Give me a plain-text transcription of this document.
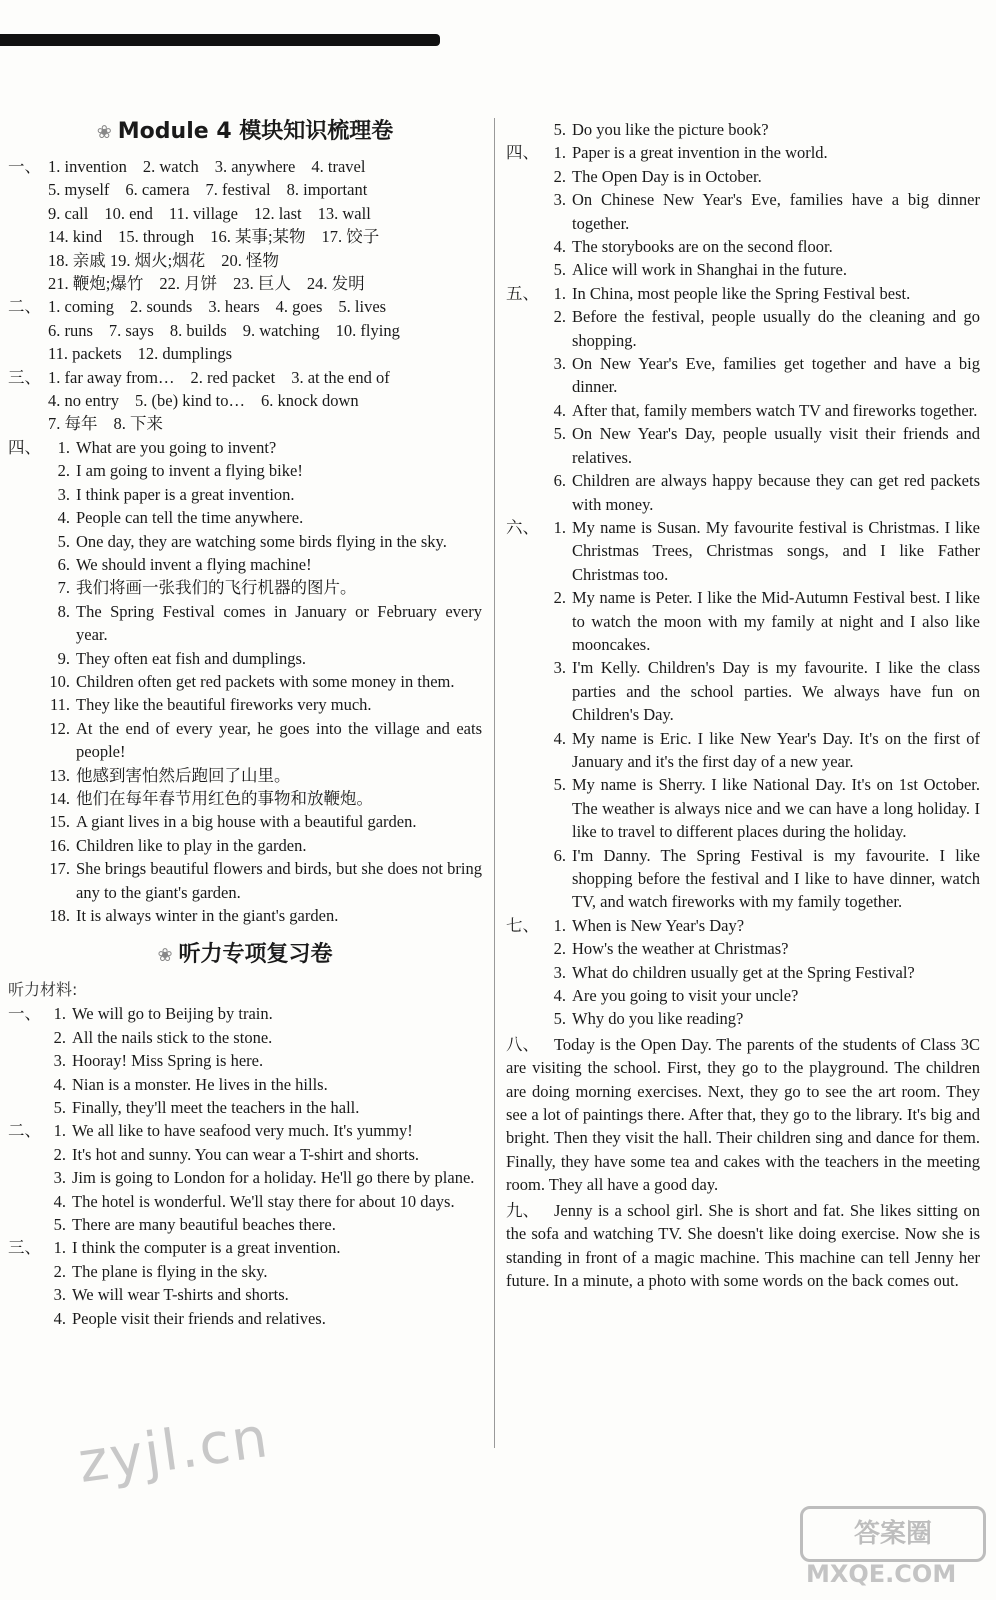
❀ Module 4 模块知识梳理卷
一、 1. invention 2. watch 3. anywhere 4. travel
5. myself 6. camera 7. festival 8. important
9. call 10. end 11. village 12. last 13. wall
14. kind 15. through 16. 某事;某物 17. 饺子
18. 亲戚 19. 烟火;烟花 20. 怪物
21. 鞭炮;爆竹 22. 月饼 23. 巨人 24. 发明
二、 1. coming 2. sounds 3. hears 4. goes 5. lives
6. runs 7. says 8. builds 9. watching 10. flying
11. packets 12. dumplings
三、 1. far away from… 2. red packet 3. at the end of
4. no entry 5. (be) kind to… 6. knock down
7. 每年 8. 下来
四、	1. What are you going to invent?
2. I am going to invent a flying bike!
3. I think paper is a great invention.
4. People can tell the time anywhere.
5. One day, they are watching some birds flying in the sky.
6. We should invent a flying machine!
7. 我们将画一张我们的飞行机器的图片。
8. The Spring Festival comes in January or February every year.
9. They often eat fish and dumplings.
10. Children often get red packets with some money in them.
11. They like the beautiful fireworks very much.
12. At the end of every year, he goes into the village and eats people!
13. 他感到害怕然后跑回了山里。
14. 他们在每年春节用红色的事物和放鞭炮。
15. A giant lives in a big house with a beautiful garden.
16. Children like to play in the garden.
17. She brings beautiful flowers and birds, but she does not bring any to the giant's garden.
18. It is always winter in the giant's garden.
❀ 听力专项复习卷
听力材料:
一、 1. We will go to Beijing by train.
2. All the nails stick to the stone.
3. Hooray! Miss Spring is here.
4. Nian is a monster. He lives in the hills.
5. Finally, they'll meet the teachers in the hall.
二、 1. We all like to have seafood very much. It's yummy!
2. It's hot and sunny. You can wear a T-shirt and shorts.
3. Jim is going to London for a holiday. He'll go there by plane.
4. The hotel is wonderful. We'll stay there for about 10 days.
5. There are many beautiful beaches there.
三、 1. I think the computer is a great invention.
2. The plane is flying in the sky.
3. We will wear T-shirts and shorts.
4. People visit their friends and relatives.
5. Do you like the picture book?
四、 1. Paper is a great invention in the world.
2. The Open Day is in October.
3. On Chinese New Year's Eve, families have a big dinner together.
4. The storybooks are on the second floor.
5. Alice will work in Shanghai in the future.
五、 1. In China, most people like the Spring Festival best.
2. Before the festival, people usually do the cleaning and go shopping.
3. On New Year's Eve, families get together and have a big dinner.
4. After that, family members watch TV and fireworks together.
5. On New Year's Day, people usually visit their friends and relatives.
6. Children are always happy because they can get red packets with money.
六、 1. My name is Susan. My favourite festival is Christmas. I like Christmas Trees, Christmas songs, and I like Father Christmas too.
2. My name is Peter. I like the Mid-Autumn Festival best. I like to watch the moon with my family at night and I also like mooncakes.
3. I'm Kelly. Children's Day is my favourite. I like the class parties and the school parties. We always have fun on Children's Day.
4. My name is Eric. I like New Year's Day. It's on the first of January and it's the first day of a new year.
5. My name is Sherry. I like National Day. It's on 1st October. The weather is always nice and we can have a long holiday. I like to travel to different places during the holiday.
6. I'm Danny. The Spring Festival is my favourite. I like shopping before the festival and I like to have dinner, watch TV, and watch fireworks with my family together.
七、 1. When is New Year's Day?
2. How's the weather at Christmas?
3. What do children usually get at the Spring Festival?
4. Are you going to visit your uncle?
5. Why do you like reading?
八、 Today is the Open Day. The parents of the students of Class 3C are visiting the school. First, they go to the playground. The children are doing morning exercises. Next, they go to see the art room. They see a lot of paintings there. After that, they go to the library. It's big and bright. Then they visit the hall. Their children sing and dance for them. Finally, they have some tea and cakes with the teachers in the meeting room. They all have a good day.
九、 Jenny is a school girl. She is short and fat. She likes sitting on the sofa and watching TV. She doesn't like doing exercise. Now she is standing in front of a magic machine. This machine can tell Jenny her future. In a minute, a photo with some words on the back comes out.
zyjl.cn
答案圈
MXQE.COM
